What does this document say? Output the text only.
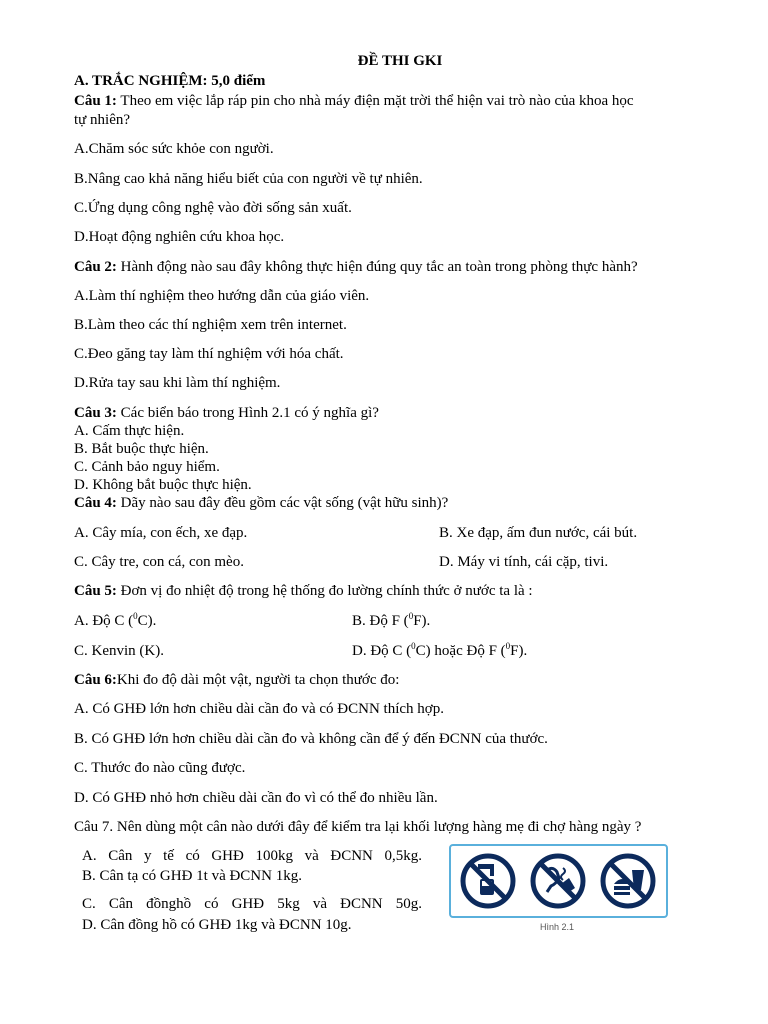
ĐỀ THI GKI
A. TRẮC NGHIỆM: 5,0 điểm
Câu 1: Theo em việc lắp ráp pin cho nhà máy điện mặt trời thể hiện vai trò nào của khoa học
tự nhiên?
A.Chăm sóc sức khỏe con người.
B.Nâng cao khả năng hiểu biết của con người về tự nhiên.
C.Ứng dụng công nghệ vào đời sống sản xuất.
D.Hoạt động nghiên cứu khoa học.
Câu 2: Hành động nào sau đây không thực hiện đúng quy tắc an toàn trong phòng thực hành?
A.Làm thí nghiệm theo hướng dẫn của giáo viên.
B.Làm theo các thí nghiệm xem trên internet.
C.Đeo găng tay làm thí nghiệm với hóa chất.
D.Rửa tay sau khi làm thí nghiệm.
Câu 3: Các biển báo trong Hình 2.1 có ý nghĩa gì?
A. Cấm thực hiện.
B. Bắt buộc thực hiện.
C. Cảnh bảo nguy hiểm.
D. Không bắt buộc thực hiện.
Câu 4: Dãy nào sau đây đều gồm các vật sống (vật hữu sinh)?
A. Cây mía, con ếch, xe đạp.	B. Xe đạp, ấm đun nước, cái bút.
C. Cây tre, con cá, con mèo.	D. Máy vi tính, cái cặp, tivi.
Câu 5: Đơn vị đo nhiệt độ trong hệ thống đo lường chính thức ở nước ta là :
A. Độ C ($^0$C).	B. Độ F ($^0$F).
C. Kenvin (K).	D. Độ C ($^0$C) hoặc Độ F ($^0$F).
Câu 6:Khi đo độ dài một vật, người ta chọn thước đo:
A. Có GHĐ lớn hơn chiều dài cần đo và có ĐCNN thích hợp.
B. Có GHĐ lớn hơn chiều dài cần đo và không cần để ý đến ĐCNN của thước.
C. Thước đo nào cũng được.
D. Có GHĐ nhỏ hơn chiều dài cần đo vì có thể đo nhiều lần.
Câu 7. Nên dùng một cân nào dưới đây để kiểm tra lại khối lượng hàng mẹ đi chợ hàng ngày ?
A. Cân y tế có GHĐ 100kg và ĐCNN 0,5kg.
B. Cân tạ có GHĐ 1t và ĐCNN 1kg.
C. Cân đồnghồ có GHĐ 5kg và ĐCNN 50g.
D. Cân đồng hồ có GHĐ 1kg và ĐCNN 10g.	Hình 2.1
